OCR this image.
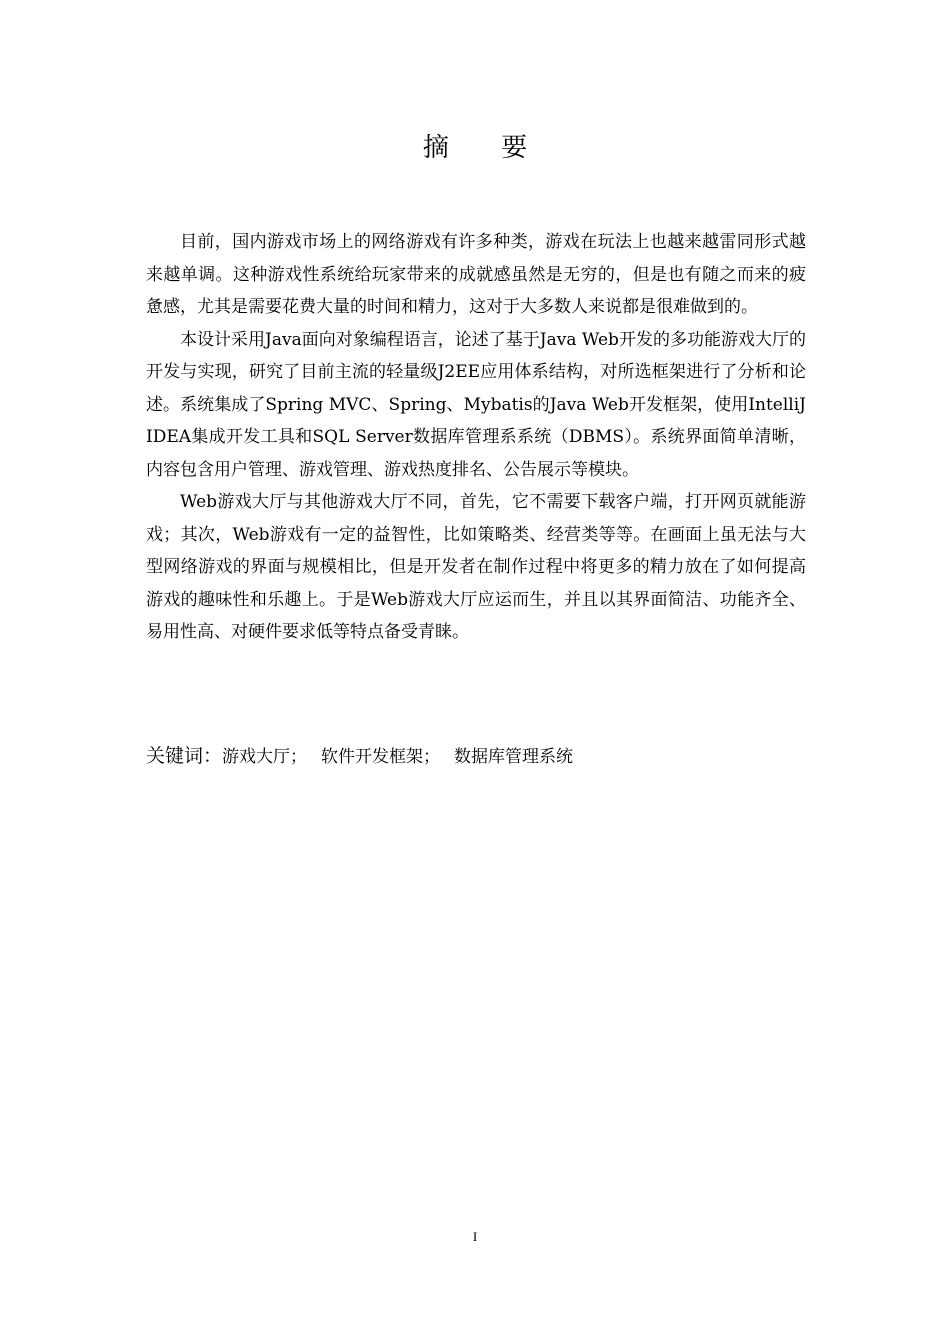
摘 要

目前，国内游戏市场上的网络游戏有许多种类，游戏在玩法上也越来越雷同形式越来越单调。这种游戏性系统给玩家带来的成就感虽然是无穷的，但是也有随之而来的疲惫感，尤其是需要花费大量的时间和精力，这对于大多数人来说都是很难做到的。

本设计采用Java面向对象编程语言，论述了基于Java Web开发的多功能游戏大厅的开发与实现，研究了目前主流的轻量级J2EE应用体系结构，对所选框架进行了分析和论述。系统集成了Spring MVC、Spring、Mybatis的Java Web开发框架，使用IntelliJ IDEA集成开发工具和SQL Server数据库管理系系统（DBMS）。系统界面简单清晰，内容包含用户管理、游戏管理、游戏热度排名、公告展示等模块。

Web游戏大厅与其他游戏大厅不同，首先，它不需要下载客户端，打开网页就能游戏；其次，Web游戏有一定的益智性，比如策略类、经营类等等。在画面上虽无法与大型网络游戏的界面与规模相比，但是开发者在制作过程中将更多的精力放在了如何提高游戏的趣味性和乐趣上。于是Web游戏大厅应运而生，并且以其界面简洁、功能齐全、易用性高、对硬件要求低等特点备受青睐。

关键词：游戏大厅； 软件开发框架； 数据库管理系统
I
